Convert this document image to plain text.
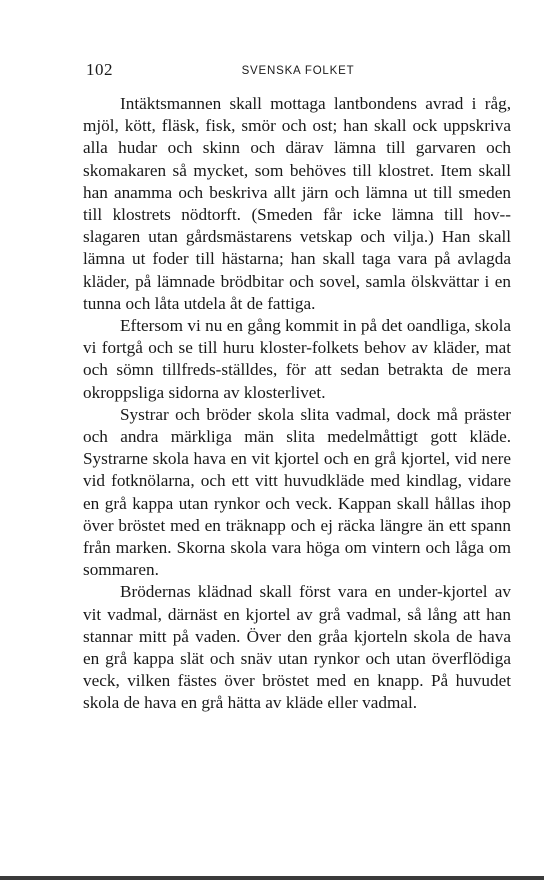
102	SVENSKA FOLKET

Intäktsmannen skall mottaga lantbondens avrad i råg, mjöl, kött, fläsk, fisk, smör och ost; han skall ock uppskriva alla hudar och skinn och därav lämna till garvaren och skomakaren så mycket, som behöves till klostret. Item skall han anamma och beskriva allt järn och lämna ut till smeden till klostrets nödtorft. (Smeden får icke lämna till hov-slagaren utan gårdsmästarens vetskap och vilja.) Han skall lämna ut foder till hästarna; han skall taga vara på avlagda kläder, på lämnade brödbitar och sovel, samla ölskvättar i en tunna och låta utdela åt de fattiga.

Eftersom vi nu en gång kommit in på det oandliga, skola vi fortgå och se till huru kloster-folkets behov av kläder, mat och sömn tillfreds-ställdes, för att sedan betrakta de mera okroppsliga sidorna av klosterlivet.

Systrar och bröder skola slita vadmal, dock må präster och andra märkliga män slita medelmåttigt gott kläde. Systrarne skola hava en vit kjortel och en grå kjortel, vid nere vid fotknölarna, och ett vitt huvudkläde med kindlag, vidare en grå kappa utan rynkor och veck. Kappan skall hållas ihop över bröstet med en träknapp och ej räcka längre än ett spann från marken. Skorna skola vara höga om vintern och låga om sommaren.

Brödernas klädnad skall först vara en under-kjortel av vit vadmal, därnäst en kjortel av grå vadmal, så lång att han stannar mitt på vaden. Över den gråa kjorteln skola de hava en grå kappa slät och snäv utan rynkor och utan överflödiga veck, vilken fästes över bröstet med en knapp. På huvudet skola de hava en grå hätta av kläde eller vadmal.
